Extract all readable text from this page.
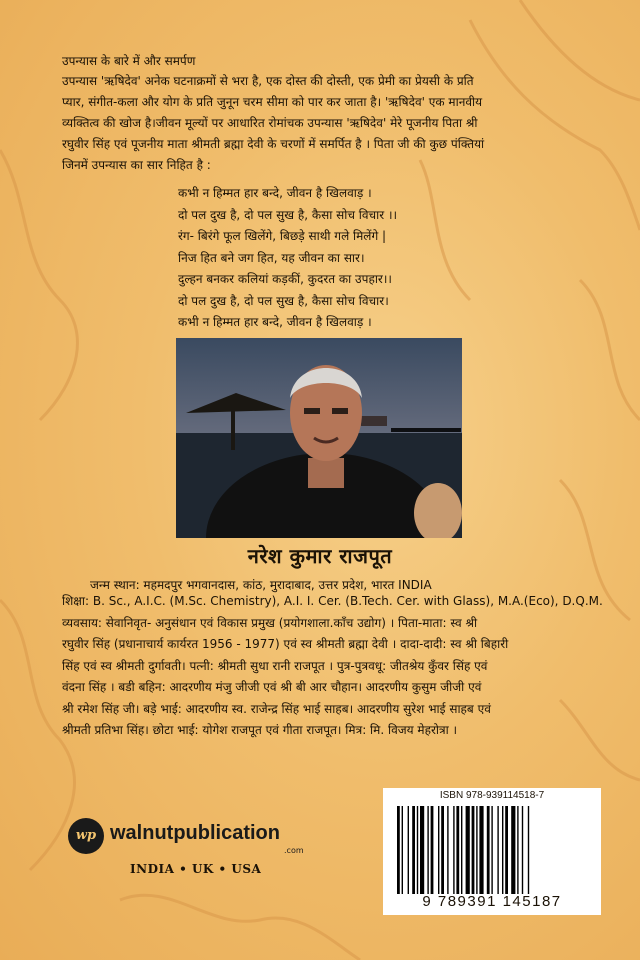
उपन्यास के बारे में और समर्पण
उपन्यास 'ऋषिदेव' अनेक घटनाक्रमों से भरा है, एक दोस्त की दोस्ती, एक प्रेमी का प्रेयसी के प्रति
प्यार, संगीत-कला और योग के प्रति जुनून चरम सीमा को पार कर जाता है। 'ऋषिदेव' एक मानवीय
व्यक्तित्व की खोज है।जीवन मूल्यों पर आधारित रोमांचक उपन्यास 'ऋषिदेव' मेरे पूजनीय पिता श्री
रघुवीर सिंह एवं पूजनीय माता श्रीमती ब्रह्मा देवी के चरणों में समर्पित है । पिता जी की कुछ पंक्तियां
जिनमें उपन्यास का सार निहित है :
कभी न हिम्मत हार बन्दे, जीवन है खिलवाड़ ।
दो पल दुख है, दो पल सुख है, कैसा सोच विचार ।।
रंग- बिरंगे फूल खिलेंगे, बिछड़े साथी गले मिलेंगे |
निज हित बने जग हित, यह जीवन का सार।
दुल्हन बनकर कलियां कड़कीं, कुदरत का उपहार।।
दो पल दुख है, दो पल सुख है, कैसा सोच विचार।
कभी न हिम्मत हार बन्दे, जीवन है खिलवाड़ ।
नरेश कुमार राजपूत
जन्म स्थान: महमदपुर भगवानदास, कांठ, मुरादाबाद, उत्तर प्रदेश, भारत INDIA
शिक्षा: B. Sc., A.I.C. (M.Sc. Chemistry), A.I. I. Cer. (B.Tech. Cer. with Glass), M.A.(Eco), D.Q.M.
व्यवसाय: सेवानिवृत- अनुसंधान एवं विकास प्रमुख (प्रयोगशाला.काँच उद्योग) । पिता-माता: स्व श्री
रघुवीर सिंह (प्रधानाचार्य कार्यरत 1956 - 1977) एवं स्व श्रीमती ब्रह्मा देवी । दादा-दादी: स्व श्री बिहारी
सिंह एवं स्व श्रीमती दुर्गावती। पत्नी: श्रीमती सुधा रानी राजपूत । पुत्र-पुत्रवधू: जीतश्रेय कुँवर सिंह एवं
वंदना सिंह । बडी बहिन: आदरणीय मंजु जीजी एवं श्री बी आर चौहान। आदरणीय कुसुम जीजी एवं
श्री रमेश सिंह जी। बड़े भाई: आदरणीय स्व. राजेन्द्र सिंह भाई साहब। आदरणीय सुरेश भाई साहब एवं
श्रीमती प्रतिभा सिंह। छोटा भाई: योगेश राजपूत एवं गीता राजपूत। मित्र: मि. विजय मेहरोत्रा ।
wp walnutpublication
.com
INDIA • UK • USA
ISBN 978-939114518-7
9 789391 145187
